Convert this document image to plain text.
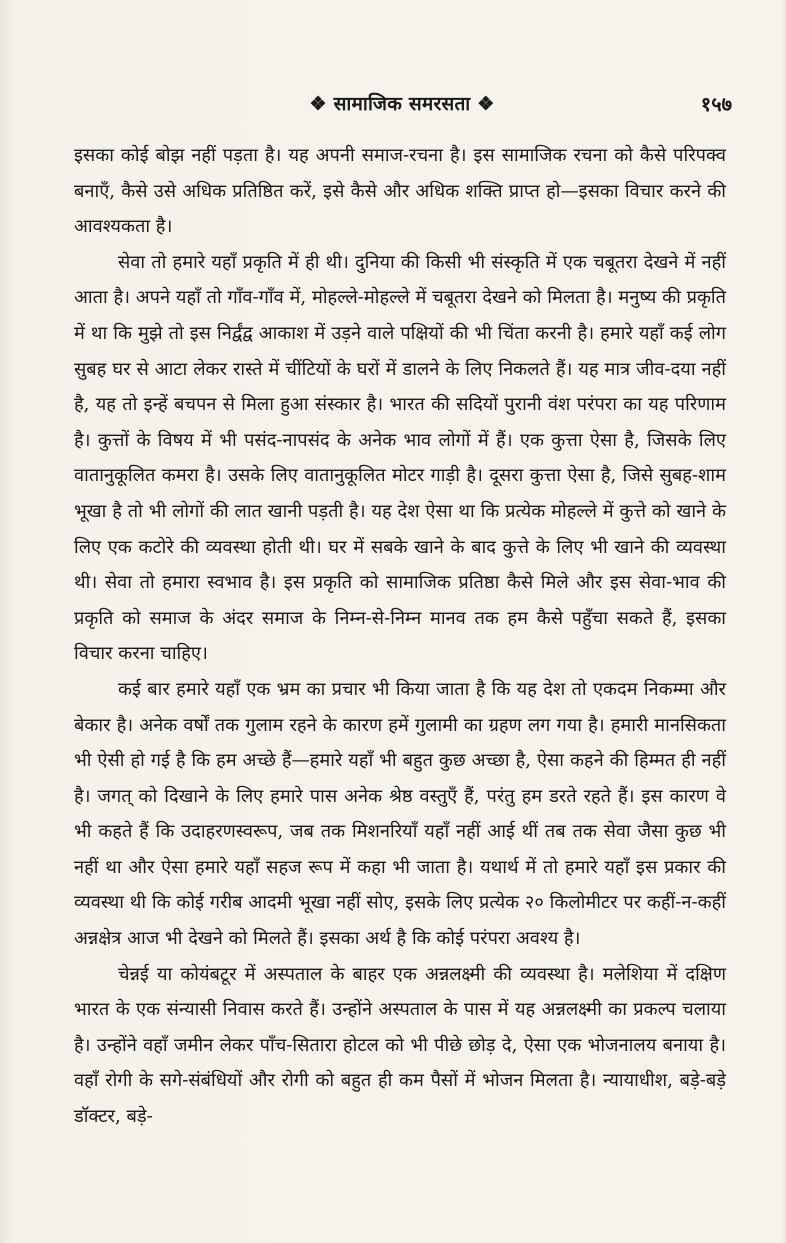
❖ सामाजिक समरसता ❖	१५७

इसका कोई बोझ नहीं पड़ता है। यह अपनी समाज-रचना है। इस सामाजिक रचना को कैसे परिपक्व बनाएँ, कैसे उसे अधिक प्रतिष्ठित करें, इसे कैसे और अधिक शक्ति प्राप्त हो—इसका विचार करने की आवश्यकता है।

सेवा तो हमारे यहाँ प्रकृति में ही थी। दुनिया की किसी भी संस्कृति में एक चबूतरा देखने में नहीं आता है। अपने यहाँ तो गाँव-गाँव में, मोहल्ले-मोहल्ले में चबूतरा देखने को मिलता है। मनुष्य की प्रकृति में था कि मुझे तो इस निर्द्वंद्व आकाश में उड़ने वाले पक्षियों की भी चिंता करनी है। हमारे यहाँ कई लोग सुबह घर से आटा लेकर रास्ते में चींटियों के घरों में डालने के लिए निकलते हैं। यह मात्र जीव-दया नहीं है, यह तो इन्हें बचपन से मिला हुआ संस्कार है। भारत की सदियों पुरानी वंश परंपरा का यह परिणाम है। कुत्तों के विषय में भी पसंद-नापसंद के अनेक भाव लोगों में हैं। एक कुत्ता ऐसा है, जिसके लिए वातानुकूलित कमरा है। उसके लिए वातानुकूलित मोटर गाड़ी है। दूसरा कुत्ता ऐसा है, जिसे सुबह-शाम भूखा है तो भी लोगों की लात खानी पड़ती है। यह देश ऐसा था कि प्रत्येक मोहल्ले में कुत्ते को खाने के लिए एक कटोरे की व्यवस्था होती थी। घर में सबके खाने के बाद कुत्ते के लिए भी खाने की व्यवस्था थी। सेवा तो हमारा स्वभाव है। इस प्रकृति को सामाजिक प्रतिष्ठा कैसे मिले और इस सेवा-भाव की प्रकृति को समाज के अंदर समाज के निम्न-से-निम्न मानव तक हम कैसे पहुँचा सकते हैं, इसका विचार करना चाहिए।

कई बार हमारे यहाँ एक भ्रम का प्रचार भी किया जाता है कि यह देश तो एकदम निकम्मा और बेकार है। अनेक वर्षों तक गुलाम रहने के कारण हमें गुलामी का ग्रहण लग गया है। हमारी मानसिकता भी ऐसी हो गई है कि हम अच्छे हैं—हमारे यहाँ भी बहुत कुछ अच्छा है, ऐसा कहने की हिम्मत ही नहीं है। जगत् को दिखाने के लिए हमारे पास अनेक श्रेष्ठ वस्तुएँ हैं, परंतु हम डरते रहते हैं। इस कारण वे भी कहते हैं कि उदाहरणस्वरूप, जब तक मिशनरियाँ यहाँ नहीं आई थीं तब तक सेवा जैसा कुछ भी नहीं था और ऐसा हमारे यहाँ सहज रूप में कहा भी जाता है। यथार्थ में तो हमारे यहाँ इस प्रकार की व्यवस्था थी कि कोई गरीब आदमी भूखा नहीं सोए, इसके लिए प्रत्येक २० किलोमीटर पर कहीं-न-कहीं अन्नक्षेत्र आज भी देखने को मिलते हैं। इसका अर्थ है कि कोई परंपरा अवश्य है।

चेन्नई या कोयंबटूर में अस्पताल के बाहर एक अन्नलक्ष्मी की व्यवस्था है। मलेशिया में दक्षिण भारत के एक संन्यासी निवास करते हैं। उन्होंने अस्पताल के पास में यह अन्नलक्ष्मी का प्रकल्प चलाया है। उन्होंने वहाँ जमीन लेकर पाँच-सितारा होटल को भी पीछे छोड़ दे, ऐसा एक भोजनालय बनाया है। वहाँ रोगी के सगे-संबंधियों और रोगी को बहुत ही कम पैसों में भोजन मिलता है। न्यायाधीश, बड़े-बड़े डॉक्टर, बड़े-
